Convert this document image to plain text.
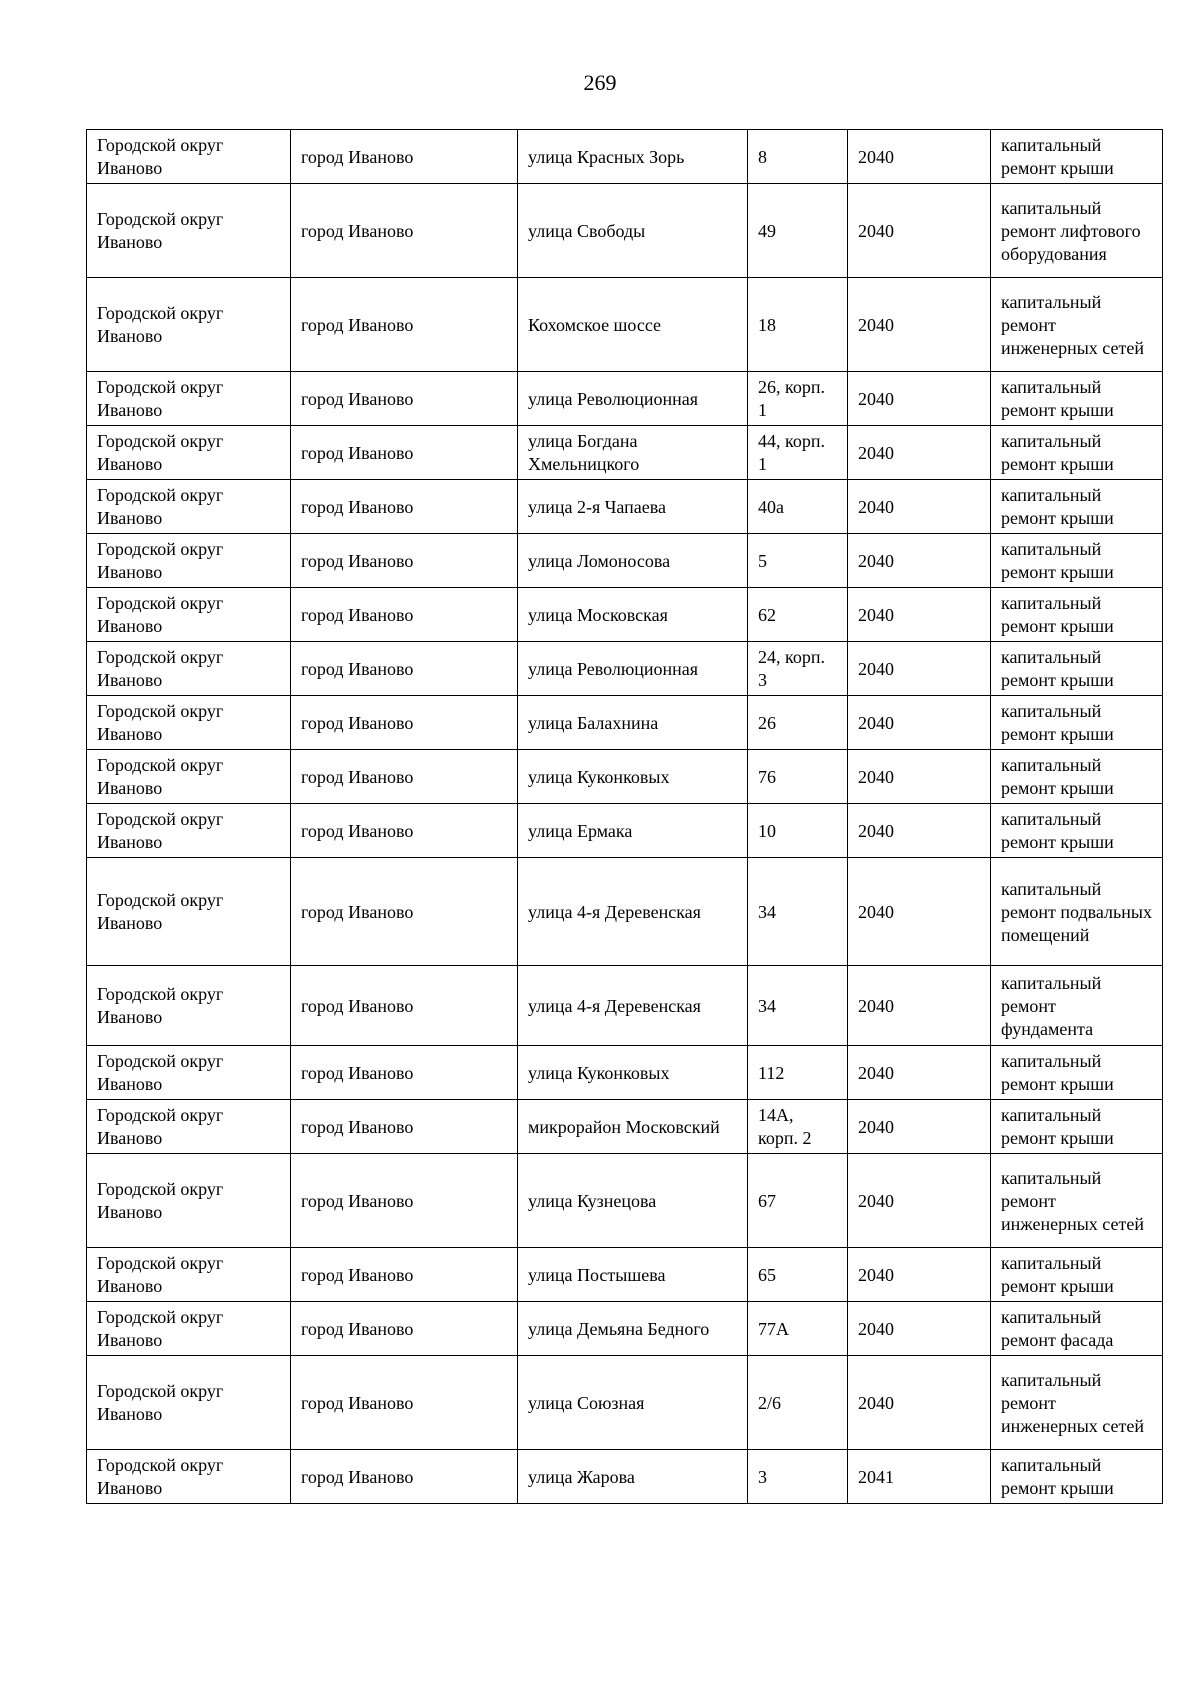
269
Городской округ Иваново	город Иваново	улица Красных Зорь	8	2040	капитальный ремонт крыши
Городской округ Иваново	город Иваново	улица Свободы	49	2040	капитальный ремонт лифтового оборудования
Городской округ Иваново	город Иваново	Кохомское шоссе	18	2040	капитальный ремонт инженерных сетей
Городской округ Иваново	город Иваново	улица Революционная	26, корп. 1	2040	капитальный ремонт крыши
Городской округ Иваново	город Иваново	улица Богдана Хмельницкого	44, корп. 1	2040	капитальный ремонт крыши
Городской округ Иваново	город Иваново	улица 2-я Чапаева	40а	2040	капитальный ремонт крыши
Городской округ Иваново	город Иваново	улица Ломоносова	5	2040	капитальный ремонт крыши
Городской округ Иваново	город Иваново	улица Московская	62	2040	капитальный ремонт крыши
Городской округ Иваново	город Иваново	улица Революционная	24, корп. 3	2040	капитальный ремонт крыши
Городской округ Иваново	город Иваново	улица Балахнина	26	2040	капитальный ремонт крыши
Городской округ Иваново	город Иваново	улица Куконковых	76	2040	капитальный ремонт крыши
Городской округ Иваново	город Иваново	улица Ермака	10	2040	капитальный ремонт крыши
Городской округ Иваново	город Иваново	улица 4-я Деревенская	34	2040	капитальный ремонт подвальных помещений
Городской округ Иваново	город Иваново	улица 4-я Деревенская	34	2040	капитальный ремонт фундамента
Городской округ Иваново	город Иваново	улица Куконковых	112	2040	капитальный ремонт крыши
Городской округ Иваново	город Иваново	микрорайон Московский	14А, корп. 2	2040	капитальный ремонт крыши
Городской округ Иваново	город Иваново	улица Кузнецова	67	2040	капитальный ремонт инженерных сетей
Городской округ Иваново	город Иваново	улица Постышева	65	2040	капитальный ремонт крыши
Городской округ Иваново	город Иваново	улица Демьяна Бедного	77А	2040	капитальный ремонт фасада
Городской округ Иваново	город Иваново	улица Союзная	2/6	2040	капитальный ремонт инженерных сетей
Городской округ Иваново	город Иваново	улица Жарова	3	2041	капитальный ремонт крыши
